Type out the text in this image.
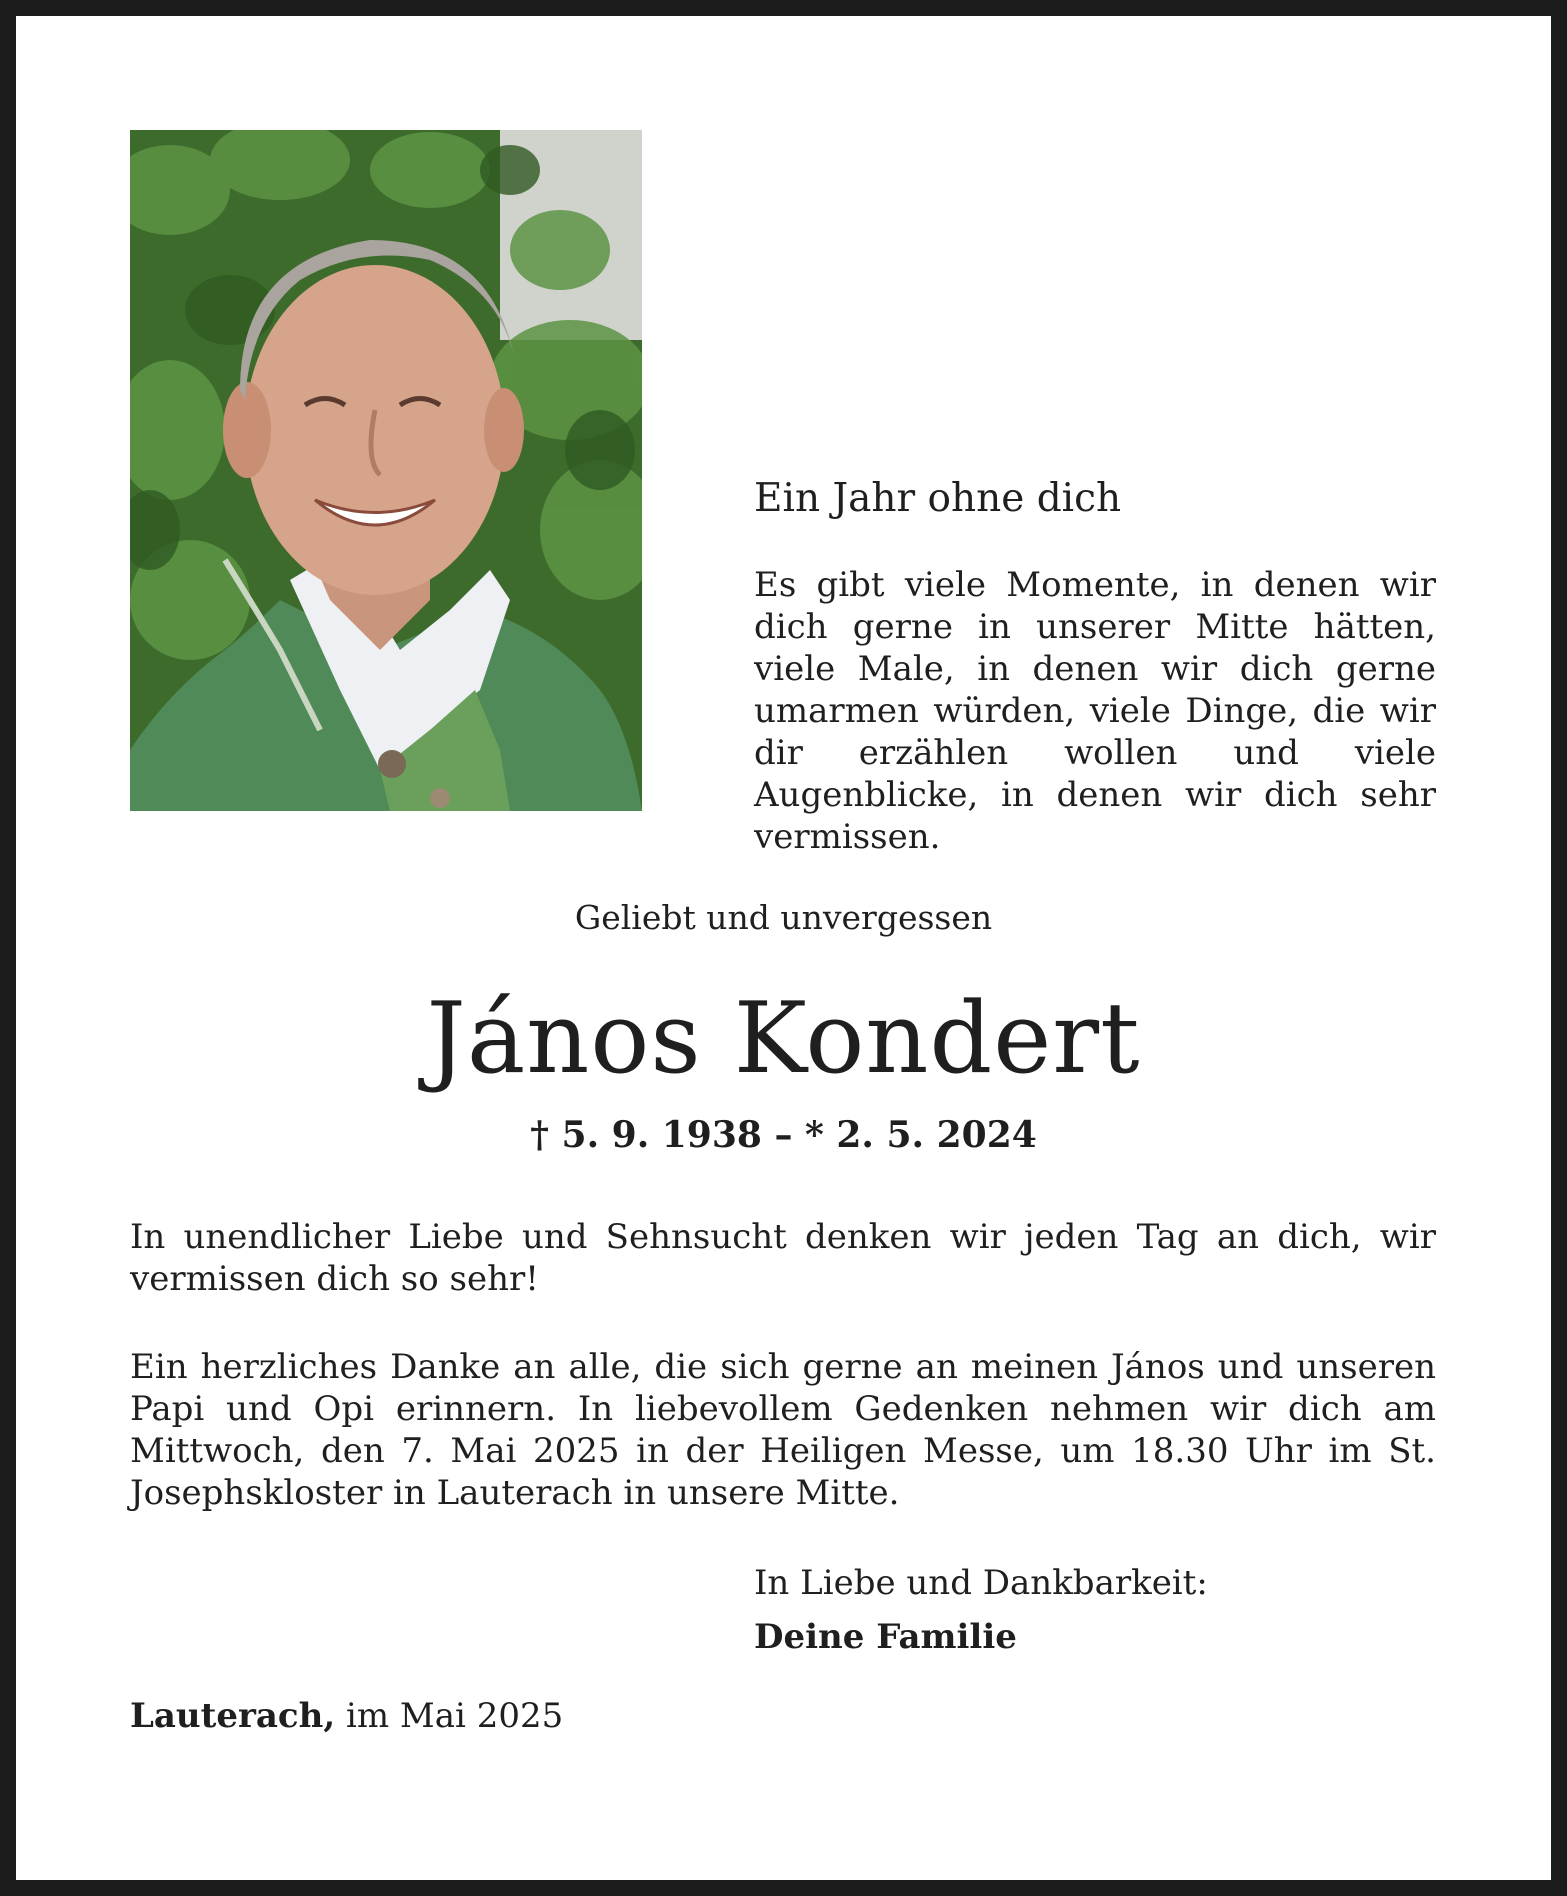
Ein Jahr ohne dich

Es gibt viele Momente, in denen wir dich gerne in unserer Mitte hätten, viele Male, in denen wir dich gerne umarmen würden, viele Dinge, die wir dir erzählen wollen und viele Augenblicke, in denen wir dich sehr vermissen.

Geliebt und unvergessen
János Kondert
† 5. 9. 1938 – * 2. 5. 2024

In unendlicher Liebe und Sehnsucht denken wir jeden Tag an dich, wir vermissen dich so sehr!

Ein herzliches Danke an alle, die sich gerne an meinen János und unseren Papi und Opi erinnern. In liebevollem Gedenken nehmen wir dich am Mittwoch, den 7. Mai 2025 in der Heiligen Messe, um 18.30 Uhr im St. Josephskloster in Lauterach in unsere Mitte.

In Liebe und Dankbarkeit:
Deine Familie
Lauterach, im Mai 2025
